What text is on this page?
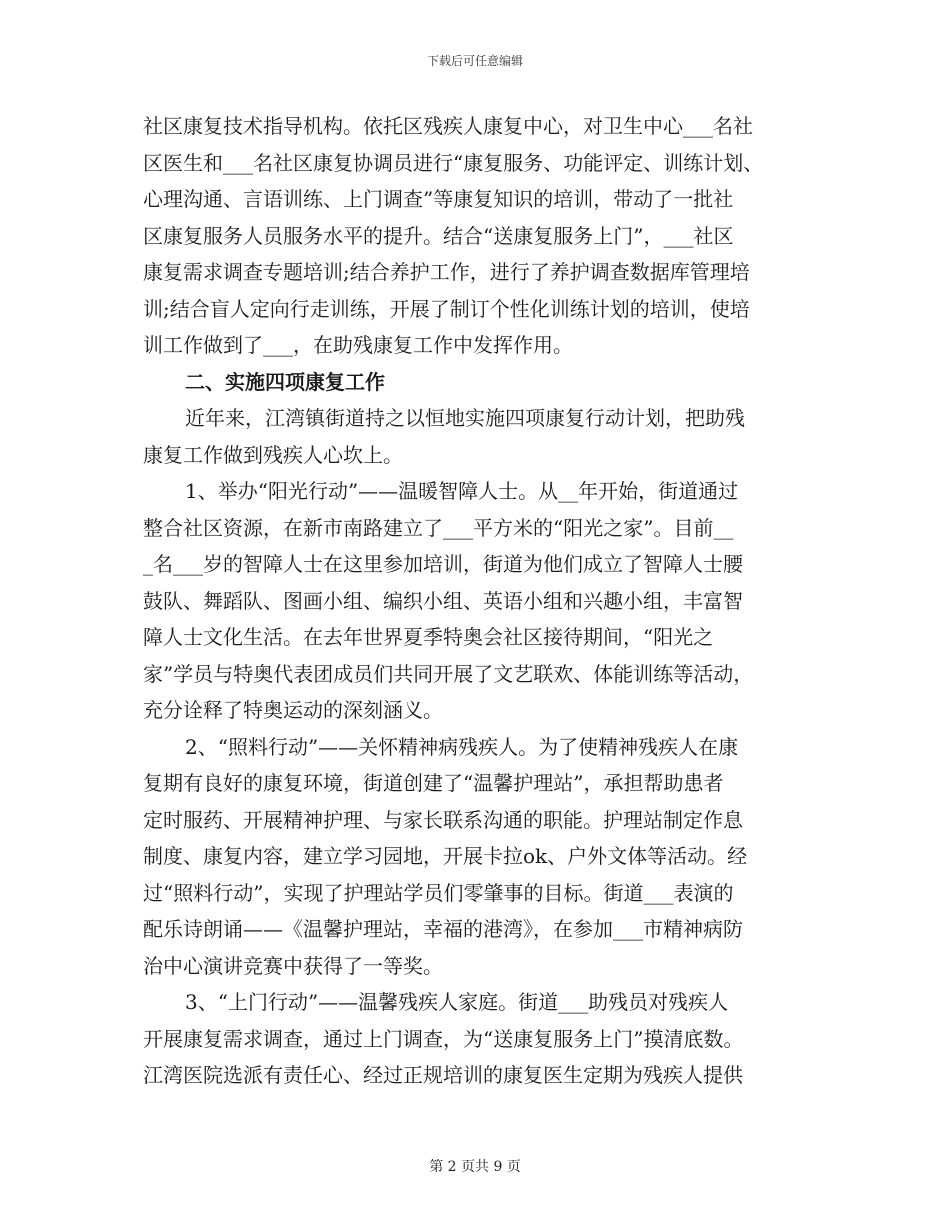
下载后可任意编辑
社区康复技术指导机构。依托区残疾人康复中心，对卫生中心___名社
区医生和___名社区康复协调员进行“康复服务、功能评定、训练计划、
心理沟通、言语训练、上门调查”等康复知识的培训，带动了一批社
区康复服务人员服务水平的提升。结合“送康复服务上门”，___社区
康复需求调查专题培训;结合养护工作，进行了养护调查数据库管理培
训;结合盲人定向行走训练，开展了制订个性化训练计划的培训，使培
训工作做到了___，在助残康复工作中发挥作用。
二、实施四项康复工作
近年来，江湾镇街道持之以恒地实施四项康复行动计划，把助残
康复工作做到残疾人心坎上。
1、举办“阳光行动”——温暖智障人士。从__年开始，街道通过
整合社区资源，在新市南路建立了___平方米的“阳光之家”。目前__
_名___岁的智障人士在这里参加培训，街道为他们成立了智障人士腰
鼓队、舞蹈队、图画小组、编织小组、英语小组和兴趣小组，丰富智
障人士文化生活。在去年世界夏季特奥会社区接待期间，“阳光之
家”学员与特奥代表团成员们共同开展了文艺联欢、体能训练等活动，
充分诠释了特奥运动的深刻涵义。
2、“照料行动”——关怀精神病残疾人。为了使精神残疾人在康
复期有良好的康复环境，街道创建了“温馨护理站”，承担帮助患者
定时服药、开展精神护理、与家长联系沟通的职能。护理站制定作息
制度、康复内容，建立学习园地，开展卡拉ok、户外文体等活动。经
过“照料行动”，实现了护理站学员们零肇事的目标。街道___表演的
配乐诗朗诵——《温馨护理站，幸福的港湾》，在参加___市精神病防
治中心演讲竞赛中获得了一等奖。
3、“上门行动”——温馨残疾人家庭。街道___助残员对残疾人
开展康复需求调查，通过上门调查，为“送康复服务上门”摸清底数。
江湾医院选派有责任心、经过正规培训的康复医生定期为残疾人提供
第 2 页共 9 页
